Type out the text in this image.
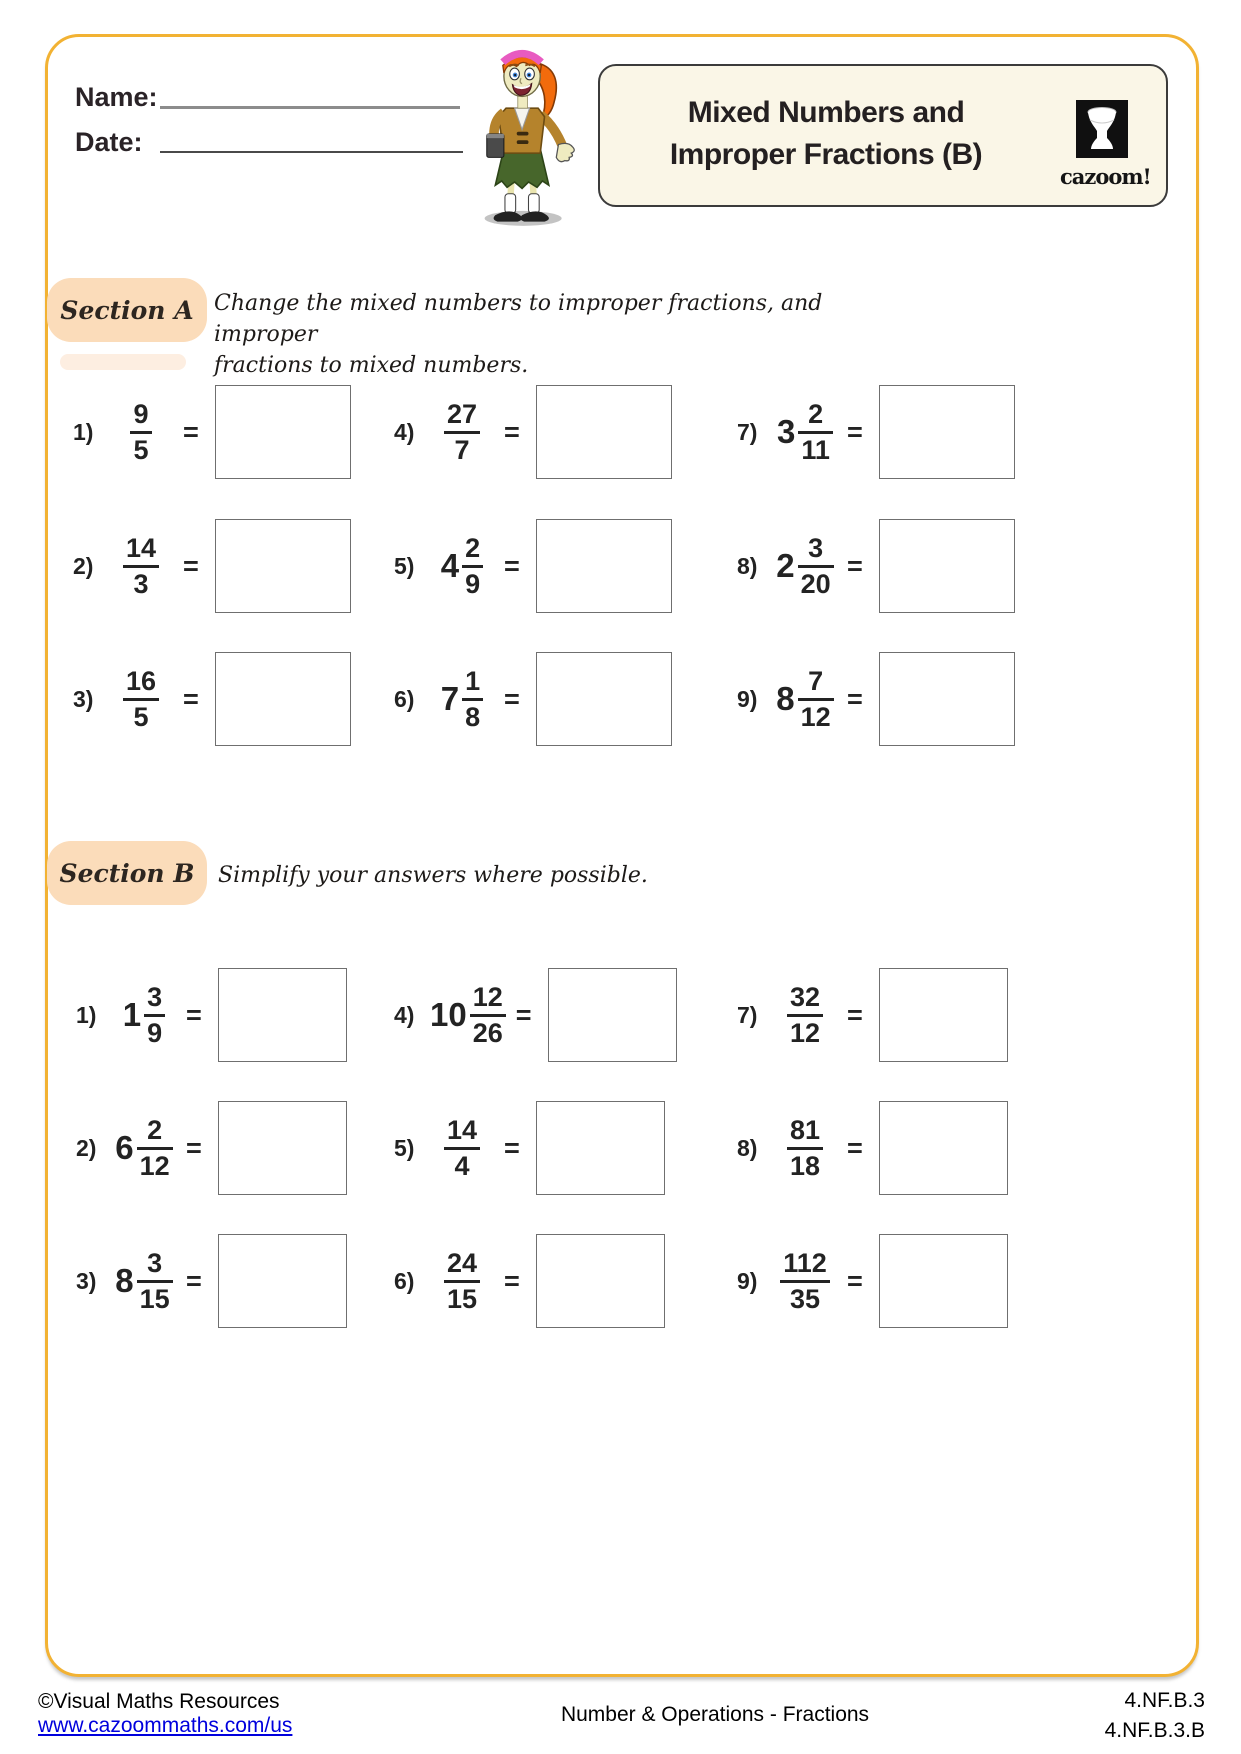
Name:
Date:
Mixed Numbers and
Improper Fractions (B)
cazoom!
Section A Change the mixed numbers to improper fractions, and improper
fractions to mixed numbers.
1)	$\frac{9}{5}$ =
2)	$\frac{14}{3}$ =
3)	$\frac{16}{5}$ =
4)	$\frac{27}{7}$ =
5) $4 \frac{2}{9}$ =
6) $7 \frac{1}{8}$ =
7) $3 \frac{2}{11}$ =
8) $2 \frac{3}{20}$ =
9) $8 \frac{7}{12}$ =
Section B	Simplify your answers where possible.
1) $1 \frac{3}{9}$ =
2) $6 \frac{2}{12}$ =
3) $8 \frac{3}{15}$ =
4) $10 \frac{12}{26}$ =
5)	$\frac{14}{4}$ =
6)	$\frac{24}{15}$ =
7)	$\frac{32}{12}$ =
8)	$\frac{81}{18}$ =
$9) \frac{112}{35}$ =
©Visual Maths Resources
www.cazoommaths.com/us	Number & Operations - Fractions
4.NF.B.3
4.NF.B.3.B
